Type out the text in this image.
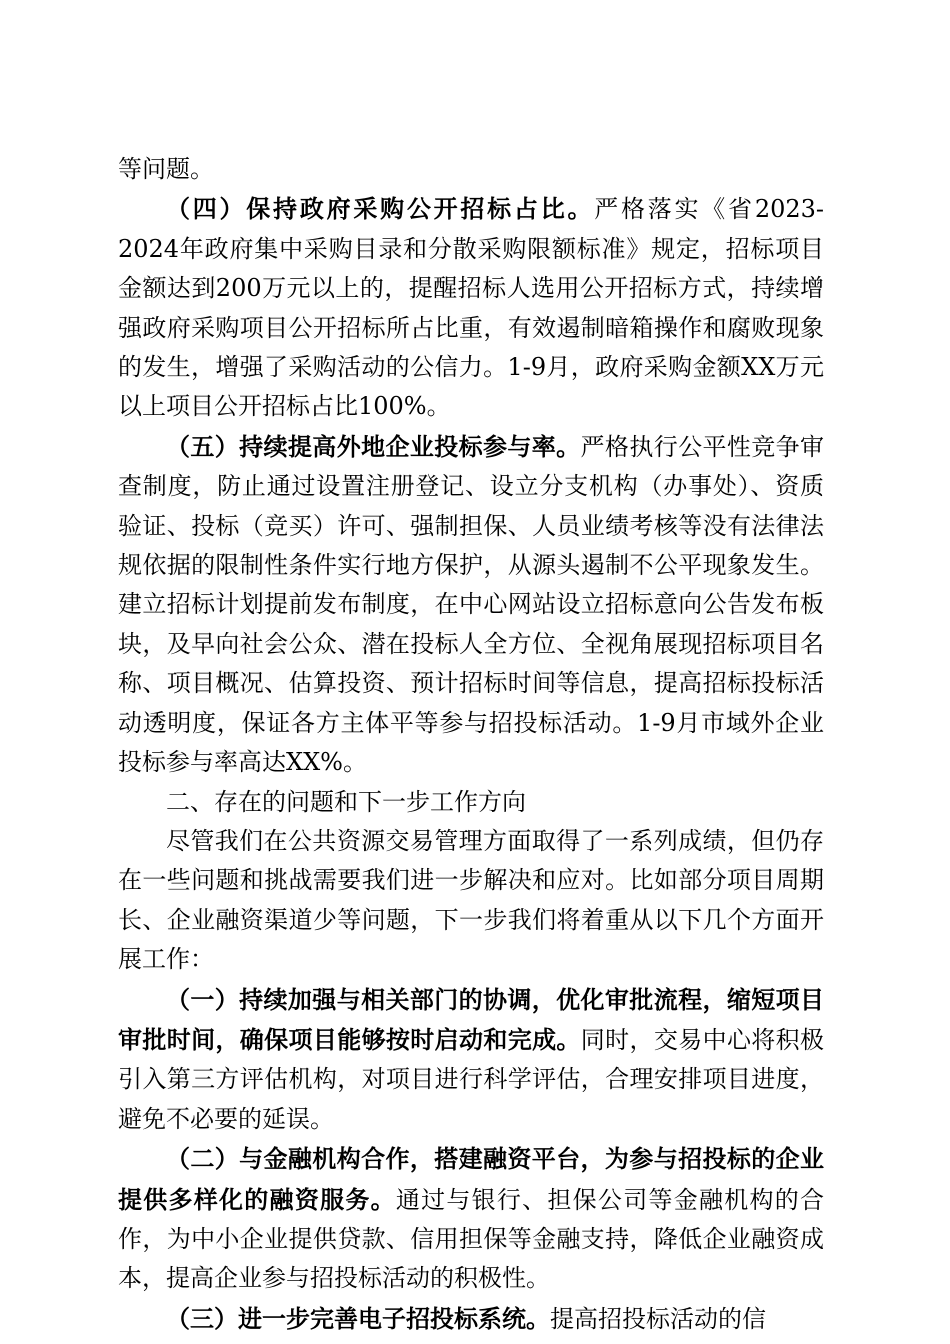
等问题。

（四）保持政府采购公开招标占比。严格落实《省2023-2024年政府集中采购目录和分散采购限额标准》规定，招标项目金额达到200万元以上的，提醒招标人选用公开招标方式，持续增强政府采购项目公开招标所占比重，有效遏制暗箱操作和腐败现象的发生，增强了采购活动的公信力。1-9月，政府采购金额XX万元以上项目公开招标占比100%。

（五）持续提高外地企业投标参与率。严格执行公平性竞争审查制度，防止通过设置注册登记、设立分支机构（办事处）、资质验证、投标（竞买）许可、强制担保、人员业绩考核等没有法律法规依据的限制性条件实行地方保护，从源头遏制不公平现象发生。建立招标计划提前发布制度，在中心网站设立招标意向公告发布板块，及早向社会公众、潜在投标人全方位、全视角展现招标项目名称、项目概况、估算投资、预计招标时间等信息，提高招标投标活动透明度，保证各方主体平等参与招投标活动。1-9月市域外企业投标参与率高达XX%。

二、存在的问题和下一步工作方向

尽管我们在公共资源交易管理方面取得了一系列成绩，但仍存在一些问题和挑战需要我们进一步解决和应对。比如部分项目周期长、企业融资渠道少等问题，下一步我们将着重从以下几个方面开展工作：

（一）持续加强与相关部门的协调，优化审批流程，缩短项目审批时间，确保项目能够按时启动和完成。同时，交易中心将积极引入第三方评估机构，对项目进行科学评估，合理安排项目进度，避免不必要的延误。

（二）与金融机构合作，搭建融资平台，为参与招投标的企业提供多样化的融资服务。通过与银行、担保公司等金融机构的合作，为中小企业提供贷款、信用担保等金融支持，降低企业融资成本，提高企业参与招投标活动的积极性。

（三）进一步完善电子招投标系统。提高招投标活动的信
